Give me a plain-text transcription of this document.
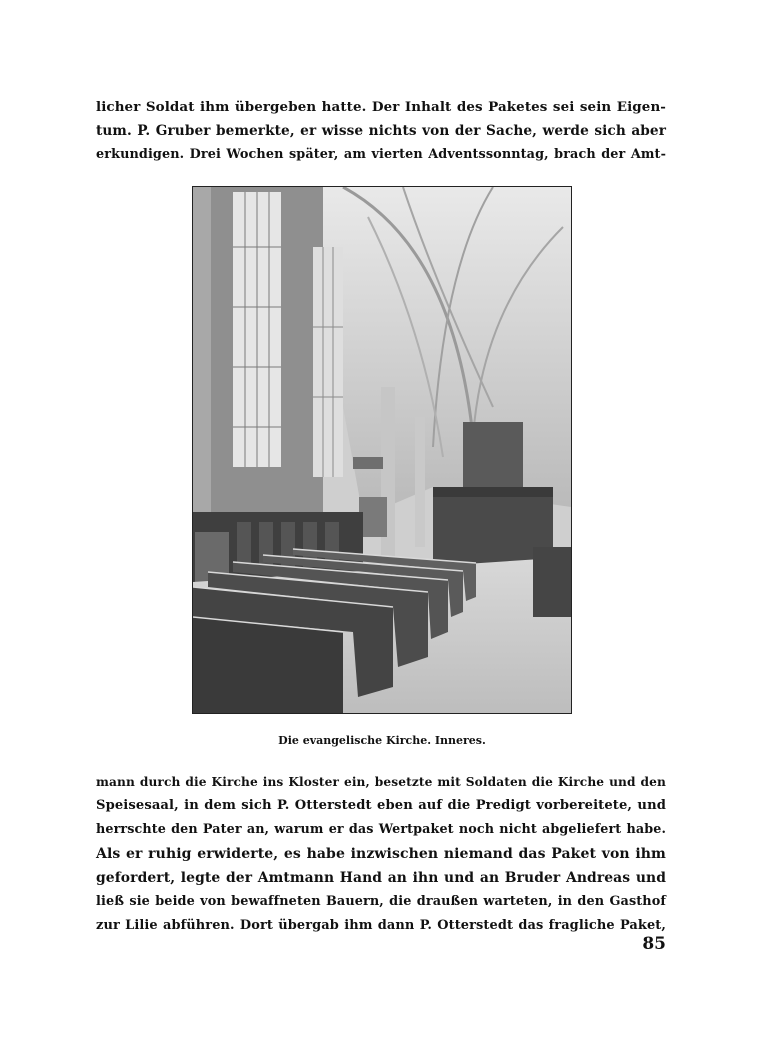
licher Soldat ihm übergeben hatte. Der Inhalt des Paketes sei sein Eigen-
tum. P. Gruber bemerkte, er wisse nichts von der Sache, werde sich aber
erkundigen. Drei Wochen später, am vierten Adventssonntag, brach der Amt-
Die evangelische Kirche. Inneres.
mann durch die Kirche ins Kloster ein, besetzte mit Soldaten die Kirche und den
Speisesaal, in dem sich P. Otterstedt eben auf die Predigt vorbereitete, und
herrschte den Pater an, warum er das Wertpaket noch nicht abgeliefert habe.
Als er ruhig erwiderte, es habe inzwischen niemand das Paket von ihm
gefordert, legte der Amtmann Hand an ihn und an Bruder Andreas und
ließ sie beide von bewaffneten Bauern, die draußen warteten, in den Gasthof
zur Lilie abführen. Dort übergab ihm dann P. Otterstedt das fragliche Paket,
85
